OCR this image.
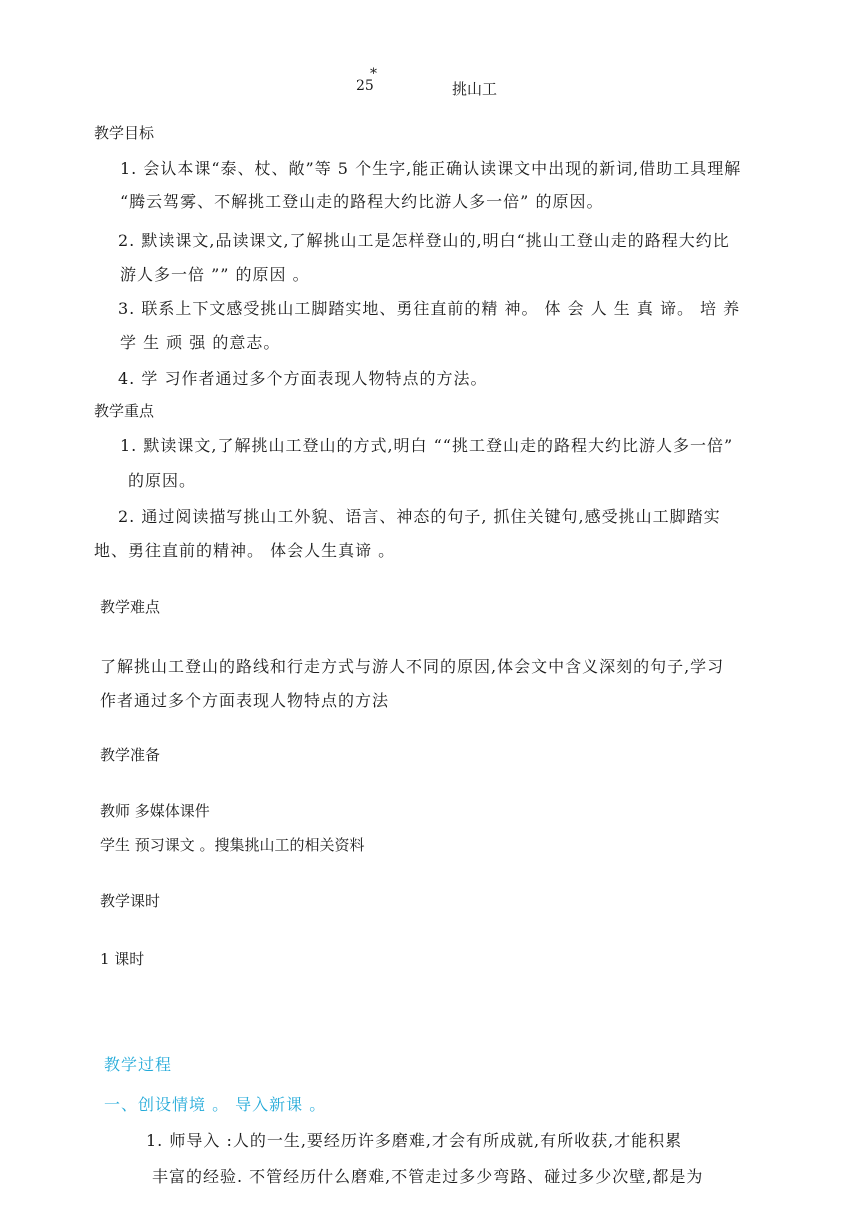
25
*
挑山工
教学目标
1. 会认本课“泰、杖、敞”等 5 个生字,能正确认读课文中出现的新词,借助工具理解
“腾云驾雾、不解挑工登山走的路程大约比游人多一倍” 的原因。
2. 默读课文,品读课文,了解挑山工是怎样登山的,明白“挑山工登山走的路程大约比
游人多一倍 ”” 的原因 。
3. 联系上下文感受挑山工脚踏实地、勇往直前的精 神。 体 会 人 生 真 谛。 培 养
学 生 顽 强 的意志。
4. 学 习作者通过多个方面表现人物特点的方法。
教学重点
1. 默读课文,了解挑山工登山的方式,明白 ““挑工登山走的路程大约比游人多一倍”
的原因。
2. 通过阅读描写挑山工外貌、语言、神态的句子, 抓住关键句,感受挑山工脚踏实
地、勇往直前的精神。 体会人生真谛 。
教学难点
了解挑山工登山的路线和行走方式与游人不同的原因,体会文中含义深刻的句子,学习
作者通过多个方面表现人物特点的方法
教学准备
教师 多媒体课件
学生 预习课文 。搜集挑山工的相关资料
教学课时
1 课时
教学过程
一、创设情境 。 导入新课 。
1. 师导入 :人的一生,要经历许多磨难,才会有所成就,有所收获,才能积累
丰富的经验. 不管经历什么磨难,不管走过多少弯路、碰过多少次壁,都是为
